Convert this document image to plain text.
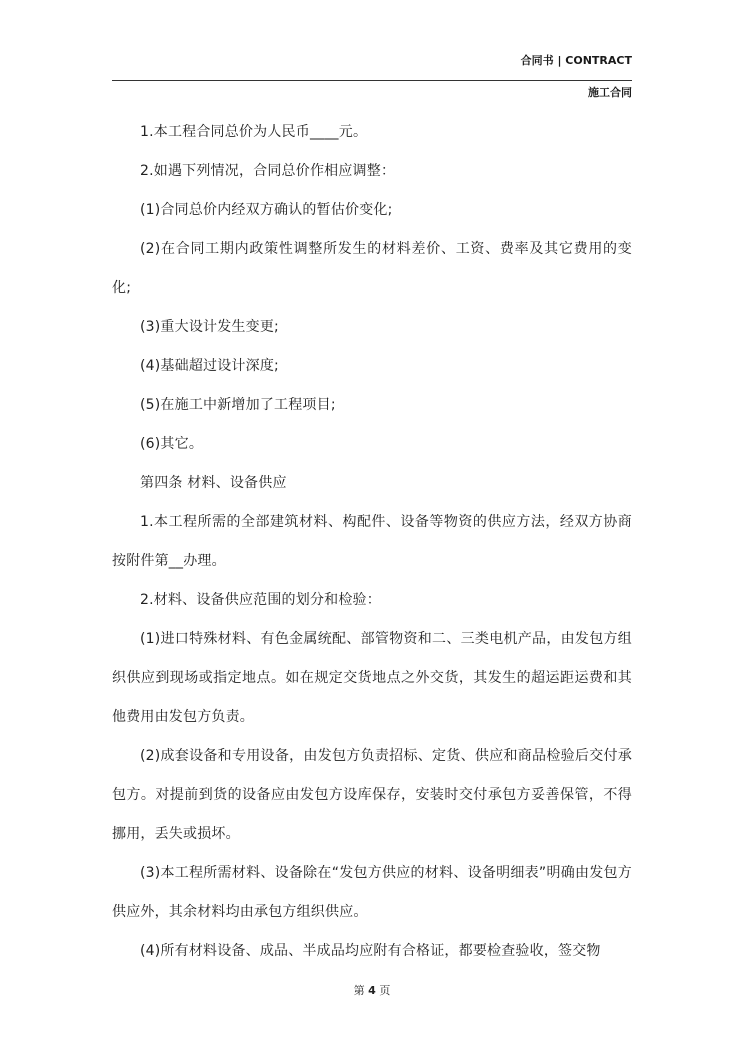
合同书 | CONTRACT
施工合同

1.本工程合同总价为人民币____元。

2.如遇下列情况，合同总价作相应调整：

(1)合同总价内经双方确认的暂估价变化;

(2)在合同工期内政策性调整所发生的材料差价、工资、费率及其它费用的变化;

(3)重大设计发生变更;

(4)基础超过设计深度;

(5)在施工中新增加了工程项目;

(6)其它。

第四条 材料、设备供应

1.本工程所需的全部建筑材料、构配件、设备等物资的供应方法，经双方协商按附件第__办理。

2.材料、设备供应范围的划分和检验：

(1)进口特殊材料、有色金属统配、部管物资和二、三类电机产品，由发包方组织供应到现场或指定地点。如在规定交货地点之外交货，其发生的超运距运费和其他费用由发包方负责。

(2)成套设备和专用设备，由发包方负责招标、定货、供应和商品检验后交付承包方。对提前到货的设备应由发包方设库保存，安装时交付承包方妥善保管，不得挪用，丢失或损坏。

(3)本工程所需材料、设备除在“发包方供应的材料、设备明细表”明确由发包方供应外，其余材料均由承包方组织供应。

(4)所有材料设备、成品、半成品均应附有合格证，都要检查验收，签交物

第 4 页
